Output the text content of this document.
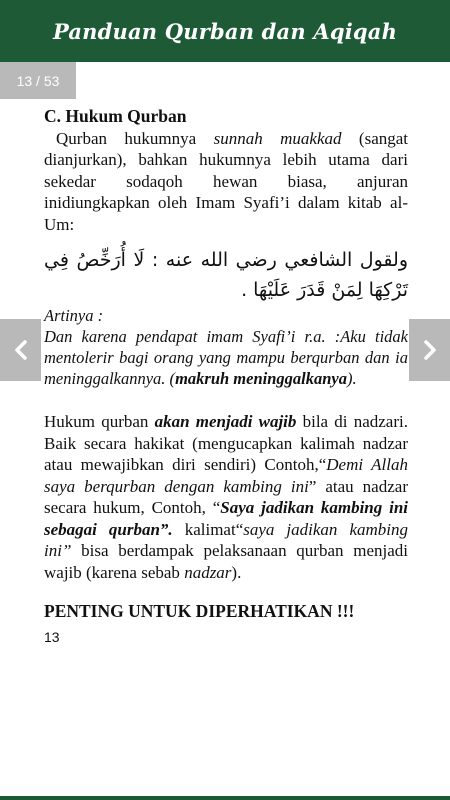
Panduan Qurban dan Aqiqah
13 / 53

C. Hukum Qurban

Qurban hukumnya sunnah muakkad (sangat dianjurkan), bahkan hukumnya lebih utama dari sekedar sodaqoh hewan biasa, anjuran inidiungkapkan oleh Imam Syafi’i dalam kitab al-Um:

ولقول الشافعي رضي الله عنه : لَا أُرَخِّصُ فِي تَرْكِهَا لِمَنْ قَدَرَ عَلَيْهَا .

Artinya :

Dan karena pendapat imam Syafi’i r.a. :Aku tidak mentolerir bagi orang yang mampu berqurban dan ia meninggalkannya. (makruh meninggalkanya).

Hukum qurban akan menjadi wajib bila di nadzari. Baik secara hakikat (mengucapkan kalimah nadzar atau mewajibkan diri sendiri) Contoh,“Demi Allah saya berqurban dengan kambing ini” atau nadzar secara hukum, Contoh, “Saya jadikan kambing ini sebagai qurban”. kalimat“saya jadikan kambing ini” bisa berdampak pelaksanaan qurban menjadi wajib (karena sebab nadzar).

PENTING UNTUK DIPERHATIKAN !!!

13
